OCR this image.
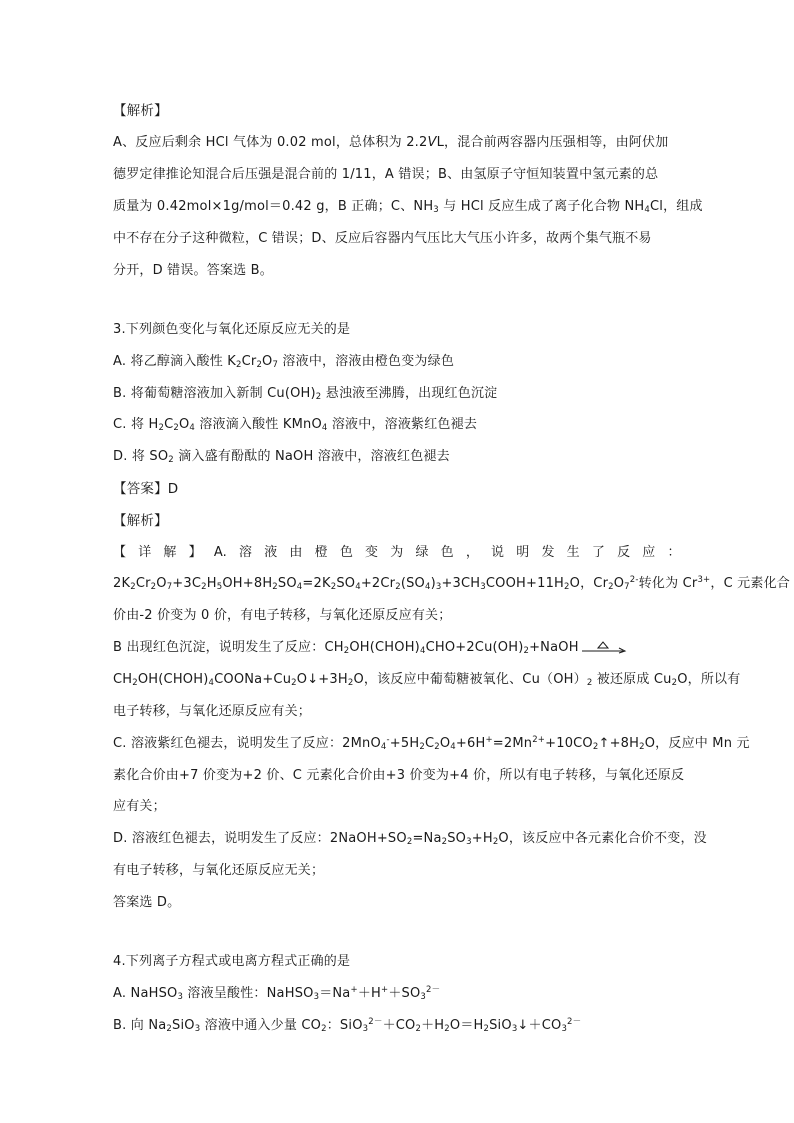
【解析】
A、反应后剩余 HCl 气体为 0.02 mol，总体积为 2.2VL，混合前两容器内压强相等，由阿伏加
德罗定律推论知混合后压强是混合前的 1/11，A 错误；B、由氢原子守恒知装置中氢元素的总
质量为 0.42mol×1g/mol＝0.42 g，B 正确；C、$NH_3$ 与 HCl 反应生成了离子化合物 $NH_4Cl$，组成
中不存在分子这种微粒，C 错误；D、反应后容器内气压比大气压小许多，故两个集气瓶不易
分开，D 错误。答案选 B。
3.下列颜色变化与氧化还原反应无关的是
A. 将乙醇滴入酸性 $K_2Cr_2O_7$ 溶液中，溶液由橙色变为绿色
B. 将葡萄糖溶液加入新制 $Cu(OH)_2$ 悬浊液至沸腾，出现红色沉淀
C. 将 $H_2C_2O_4$ 溶液滴入酸性 KMnO$_4$ 溶液中，溶液紫红色褪去
D. 将 $SO_2$ 滴入盛有酚酞的 NaOH 溶液中，溶液红色褪去
【答案】D
【解析】
$2K_2Cr_2O_7+3C_2H_5OH+8H_2SO_4=2K_2SO_4+2Cr_2(SO_4)_3+3CH_3COOH+11H_2O$，$Cr_2O_7^{2-}$转化为 $Cr^{3+}$，C 元素化合
价由-2 价变为 0 价，有电子转移，与氧化还原反应有关；
B 出现红色沉淀，说明发生了反应：$CH_2OH(CHOH)_4CHO+2Cu(OH)_2+NaOH$
$CH_2OH(CHOH)_4COONa+Cu_2O↓+3H_2O$，该反应中葡萄糖被氧化、$Cu(OH)_2$ 被还原成 $Cu_2O$，所以有
电子转移，与氧化还原反应有关；
C. 溶液紫红色褪去，说明发生了反应：$2MnO_4^-+5H_2C_2O_4+6H^+=2Mn^{2+}+10CO_2↑+8H_2O$，反应中 Mn 元
素化合价由+7 价变为+2 价、C 元素化合价由+3 价变为+4 价，所以有电子转移，与氧化还原反
应有关；
D. 溶液红色褪去，说明发生了反应：$2NaOH+SO_2=Na_2SO_3+H_2O$，该反应中各元素化合价不变，没
有电子转移，与氧化还原反应无关；
答案选 D。
4.下列离子方程式或电离方程式正确的是
A. NaHSO$_3$ 溶液呈酸性：$NaHSO_3=Na^++H^++SO_3^{2-}$
B. 向 $Na_2SiO_3$ 溶液中通入少量 $CO_2$：$SiO_3^{2-}+CO_2+H_2O=H_2SiO_3↓+CO_3^{2-}$
【 详 解 】 A. 溶 液 由 橙 色 变 为 绿 色 ， 说 明 发 生 了 反 应 ：
